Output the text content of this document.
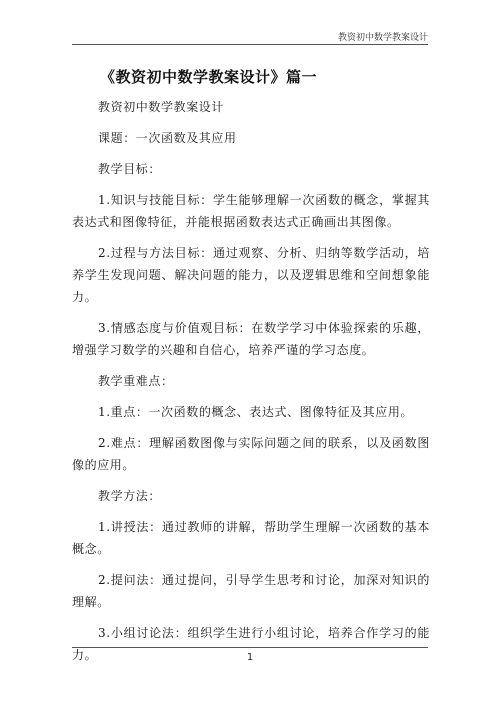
教资初中数学教案设计
《教资初中数学教案设计》篇一

教资初中数学教案设计

课题：一次函数及其应用

教学目标：

1.知识与技能目标：学生能够理解一次函数的概念，掌握其表达式和图像特征，并能根据函数表达式正确画出其图像。

2.过程与方法目标：通过观察、分析、归纳等数学活动，培养学生发现问题、解决问题的能力，以及逻辑思维和空间想象能力。

3.情感态度与价值观目标：在数学学习中体验探索的乐趣，增强学习数学的兴趣和自信心，培养严谨的学习态度。

教学重难点：

1.重点：一次函数的概念、表达式、图像特征及其应用。

2.难点：理解函数图像与实际问题之间的联系，以及函数图像的应用。

教学方法：

1.讲授法：通过教师的讲解，帮助学生理解一次函数的基本概念。

2.提问法：通过提问，引导学生思考和讨论，加深对知识的理解。

3.小组讨论法：组织学生进行小组讨论，培养合作学习的能力。	1
